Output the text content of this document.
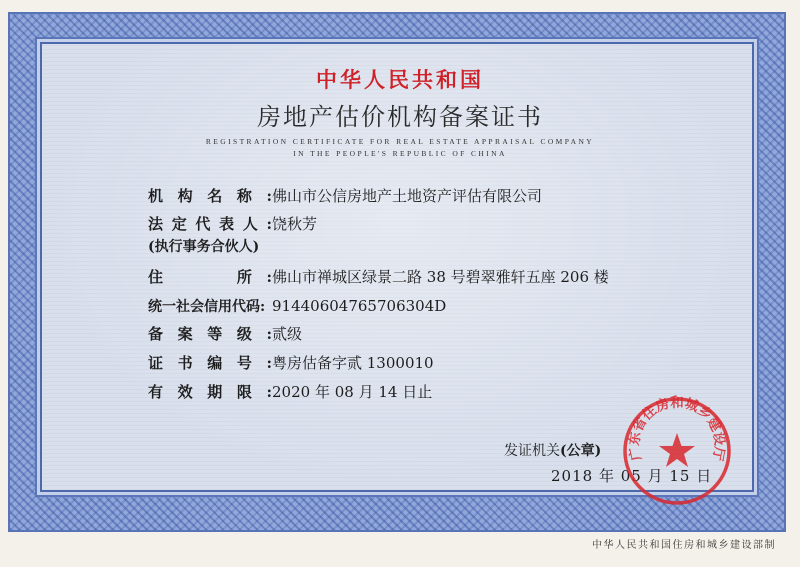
中华人民共和国
房地产估价机构备案证书
REGISTRATION CERTIFICATE FOR REAL ESTATE APPRAISAL COMPANY
IN THE PEOPLE'S REPUBLIC OF CHINA
机构名称:佛山市公信房地产土地资产评估有限公司
法定代表人:饶秋芳
(执行事务合伙人)
住　　所:佛山市禅城区绿景二路 38 号碧翠雅轩五座 206 楼
统一社会信用代码: 91440604765706304D
备案等级:贰级
证书编号:粤房估备字贰 1300010
有效期限:2020 年 08 月 14 日止
发证机关(公章)
2018 年 05 月 15 日
广东省住房和城乡建设厅
中华人民共和国住房和城乡建设部制
